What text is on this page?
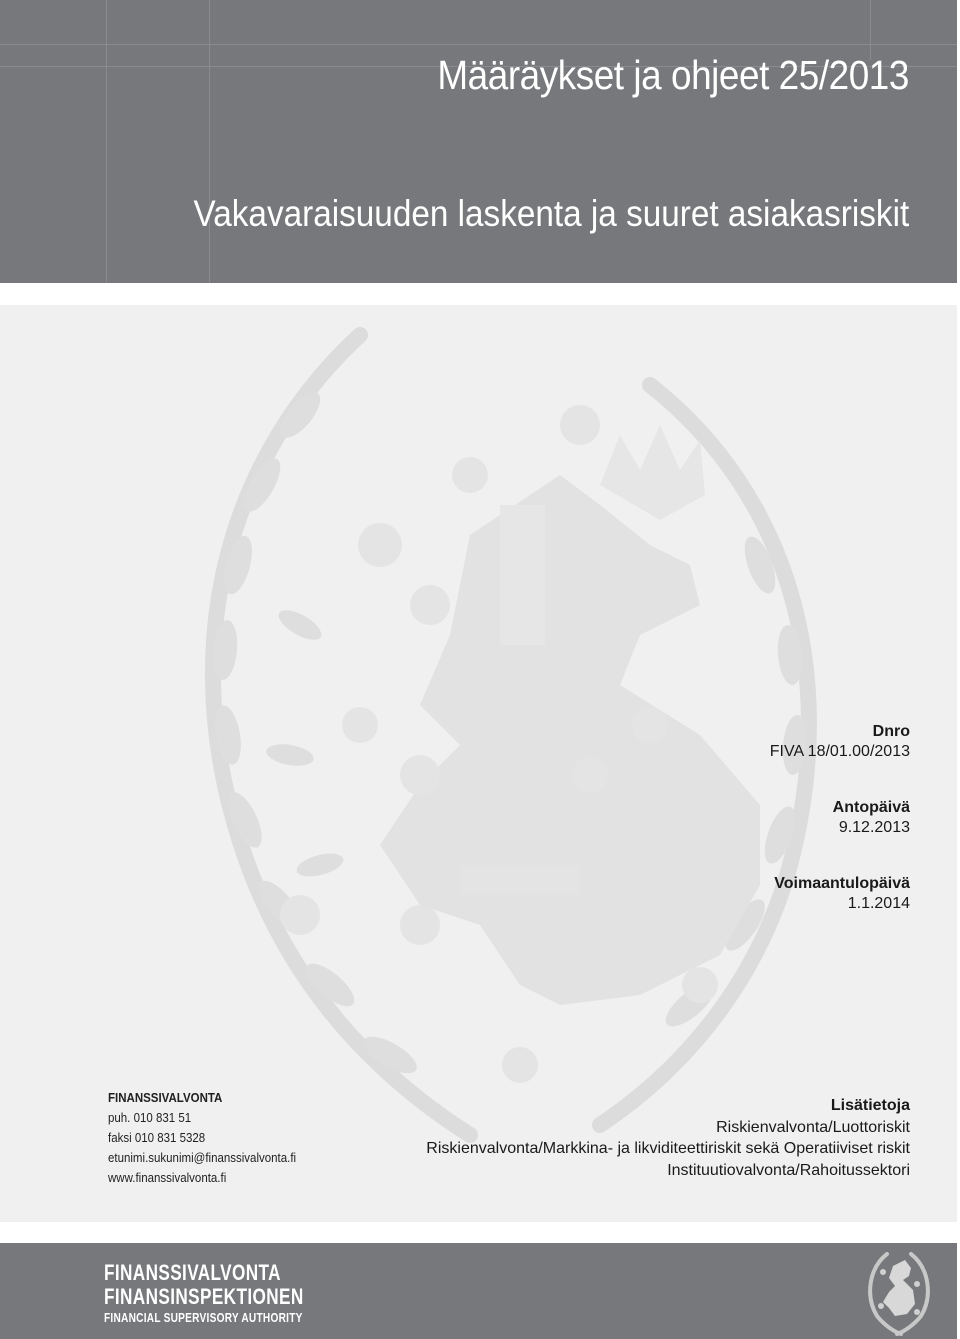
Määräykset ja ohjeet 25/2013
Vakavaraisuuden laskenta ja suuret asiakasriskit
Dnro
FIVA 18/01.00/2013
Antopäivä
9.12.2013
Voimaantulopäivä
1.1.2014
FINANSSIVALVONTA
puh. 010 831 51
faksi 010 831 5328
etunimi.sukunimi@finanssivalvonta.fi
www.finanssivalvonta.fi
Lisätietoja
Riskienvalvonta/Luottoriskit
Riskienvalvonta/Markkina- ja likviditeettiriskit sekä Operatiiviset riskit
Instituutiovalvonta/Rahoitussektori
FINANSSIVALVONTA
FINANSINSPEKTIONEN
FINANCIAL SUPERVISORY AUTHORITY
